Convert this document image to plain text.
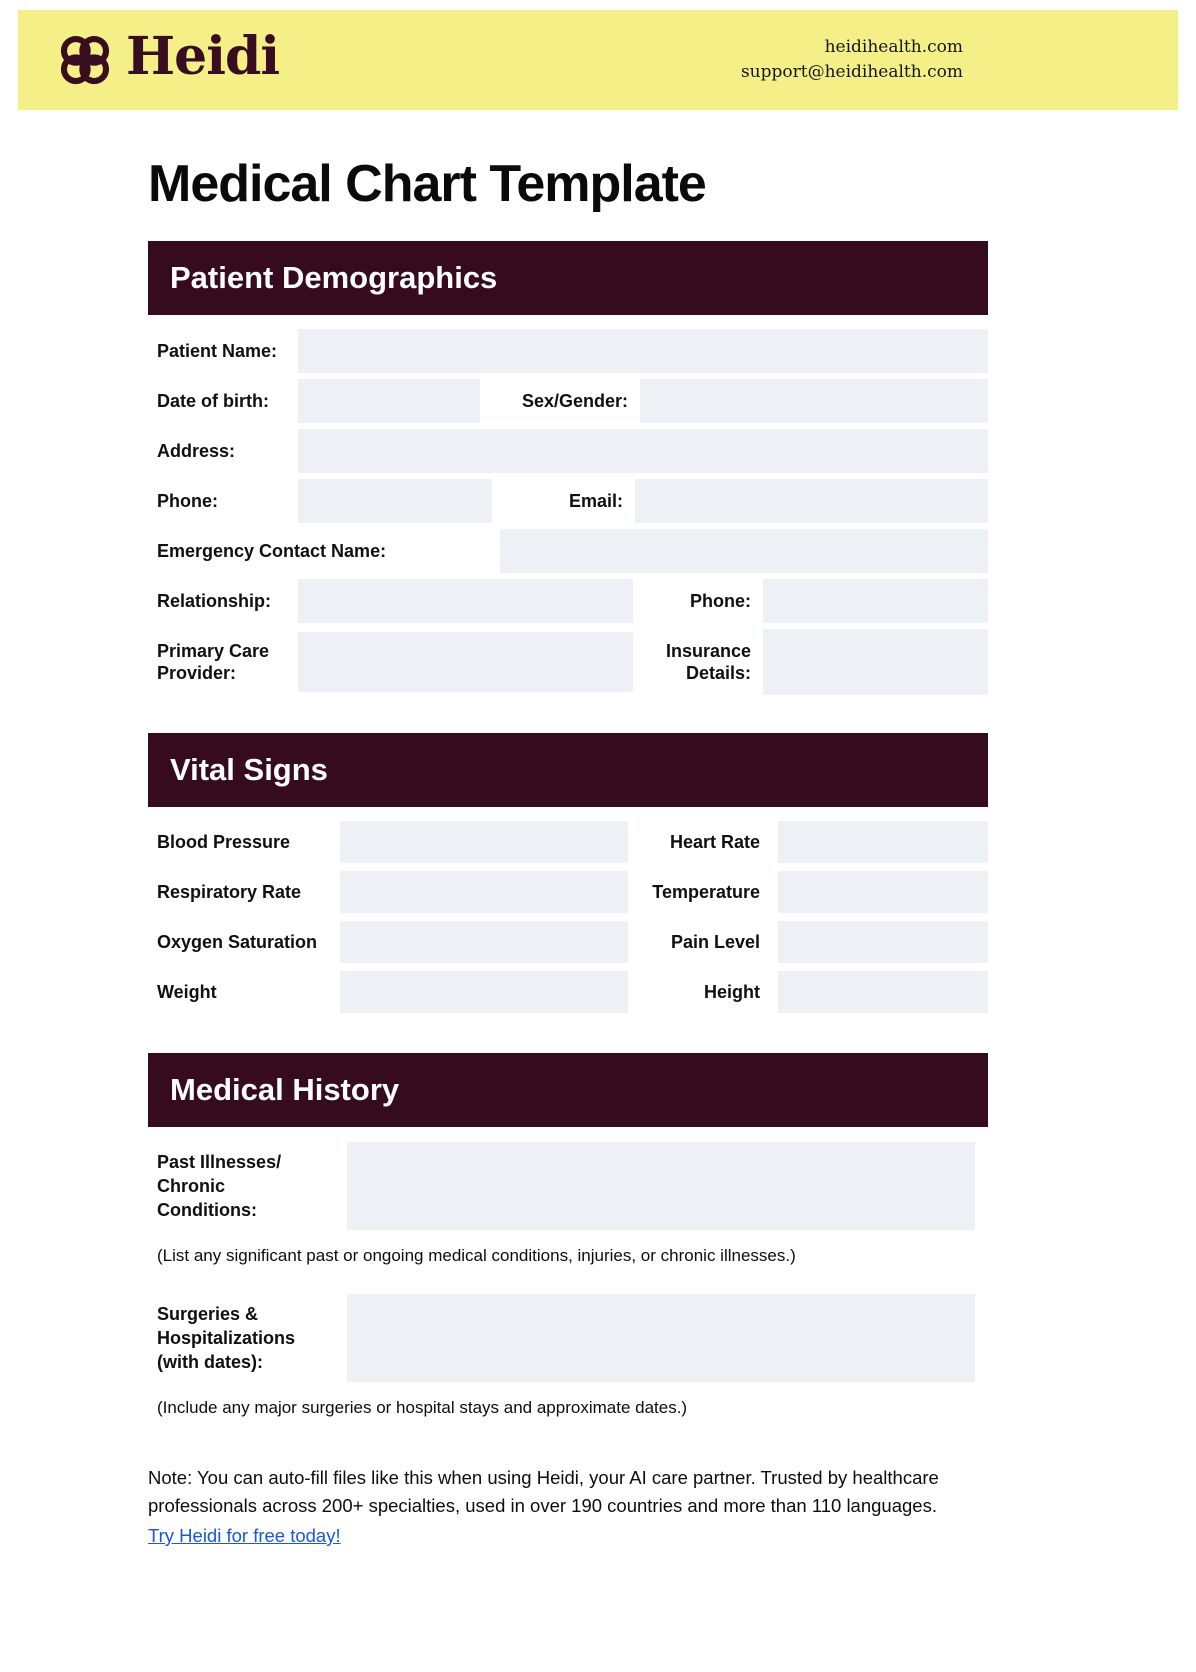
Heidi	heidihealth.com
support@heidihealth.com
Medical Chart Template
Patient Demographics
Patient Name:
Date of birth:	Sex/Gender:
Address:
Phone:	Email:
Emergency Contact Name:
Relationship:	Phone:
Primary Care Provider:
Insurance Details:
Vital Signs
Blood Pressure	Heart Rate
Respiratory Rate	Temperature
Oxygen Saturation	Pain Level
Weight	Height
Medical History
Past Illnesses/ Chronic Conditions:

(List any significant past or ongoing medical conditions, injuries, or chronic illnesses.)

Surgeries & Hospitalizations (with dates):

(Include any major surgeries or hospital stays and approximate dates.)

Note: You can auto-fill files like this when using Heidi, your AI care partner. Trusted by healthcare professionals across 200+ specialties, used in over 190 countries and more than 110 languages.

Try Heidi for free today!
